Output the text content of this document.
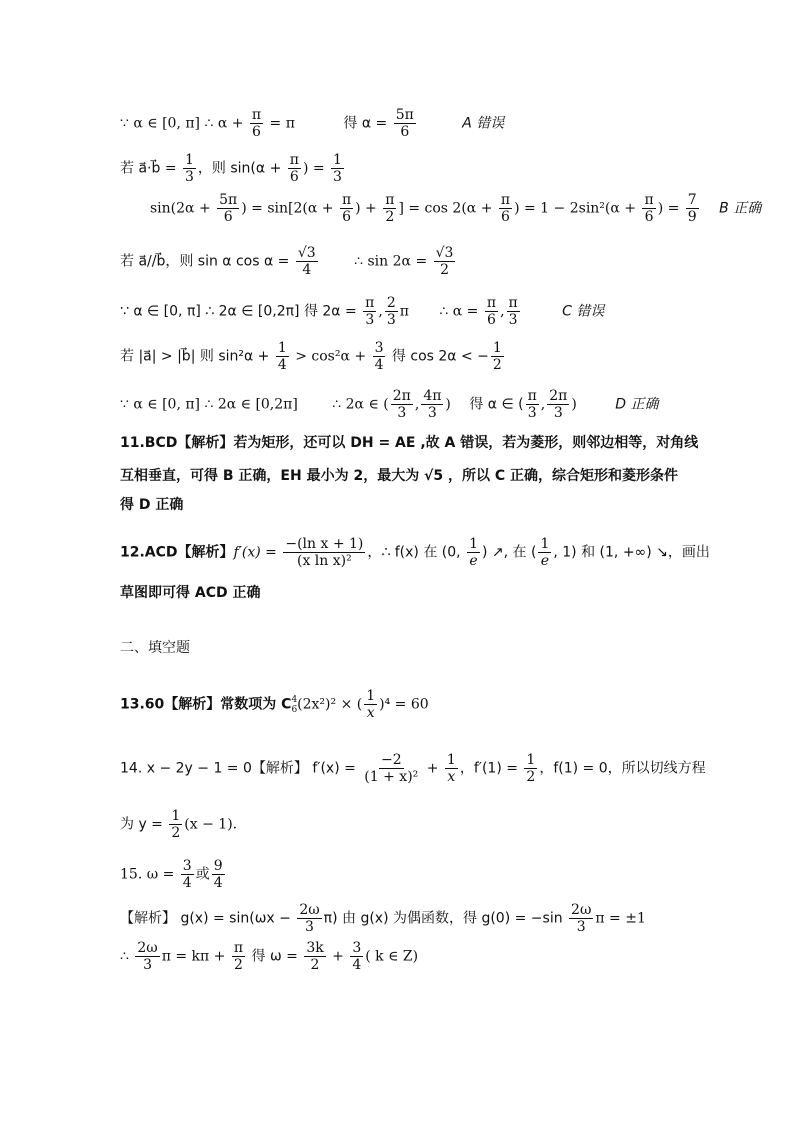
∵ α ∈ [0, π] ∴ $\alpha + \frac{\pi}{6} = \pi$	得 $\alpha = \frac{5\pi}{6}$	A 错误
若 a⃗·b⃗ = $\frac{1}{3}$ ，则 $\sin(\alpha + \frac{\pi}{6}$ ) = $\frac{1}{3}$
$\sin(2\alpha + \frac{5\pi}{6}$ ) = $\sin[2(\alpha + \frac{\pi}{6}$ ) + $\frac{\pi}{2}$ ] = $\cos 2(\alpha + \frac{\pi}{6}$ ) = $1 - 2\sin^2(\alpha + \frac{\pi}{6}$ ) = $\frac{7}{9}$ B 正确
若 a⃗//b⃗，则 sin α $\cos \alpha = \frac{√3}{4}$	∴ $\sin 2\alpha = \frac{√3}{2}$
∵ α ∈ [0, π] ∴ 2α ∈ [0,2π] 得 $2\alpha = \frac{\pi}{3}$ , $\frac{2}{3}$ π ∴ $\alpha = \frac{\pi}{6}$ , $\frac{\pi}{3}$	C 错误
若 |a⃗| > |b⃗| 则 $\sin^2\alpha + \frac{1}{4} > \cos^2\alpha + \frac{3}{4}$ 得 cos 2α < − $\frac{1}{2}$
∵ α ∈ [0, π] ∴ 2α ∈ [0,2π] ∴ 2α ∈ ( $\frac{2\pi}{3}$ , $\frac{4\pi}{3}$ ) 得 α ∈ ( $\frac{\pi}{3}$ , $\frac{2\pi}{3}$ )	D 正确
11.BCD【解析】若为矩形，还可以 DH = AE ,故 A 错误，若为菱形，则邻边相等，对角线
互相垂直，可得 B 正确，EH 最小为 2，最大为 √5 ，所以 C 正确，综合矩形和菱形条件
得 D 正确
12.ACD【解析】$f'(x) = \frac{\text{−(ln x + 1)}}{\text{(x ln x)²}}$ ，∴ f(x) 在 (0, $\frac{1}{e}$ ) ↗, 在 ( $\frac{1}{e}$ , 1) 和 (1, +∞) ↘，画出
草图即可得 ACD 正确
二、填空题
13.60【解析】常数项为 C 4
6 (2x²)² × ( $\frac{1}{x} )^4 = 60$
14. x − 2y − 1 = 0【解析】 $f'(x) = \frac{-2}{\text{(1 + x)²}} + \frac{1}{x}$ ，$f'(1) = \frac{1}{2}$ ，f(1) = 0，所以切线方程
为 $y = \frac{1}{2} (x - 1)$.
15. $\omega = \frac{3}{4}$ 或 $\frac{9}{4}$
【解析】 $g(x) = \sin(\omega x - \frac{2\omega}{3} \pi)$ 由 g(x) 为偶函数，得 $g(0) = -\sin \frac{2\omega}{3}$ π = ±1
∴ $\frac{2\omega}{3}$ $\pi = k\pi + \frac{\pi}{2}$ 得 $\omega = \frac{3k}{2} + \frac{3}{4}$ ( k ∈ Z)
